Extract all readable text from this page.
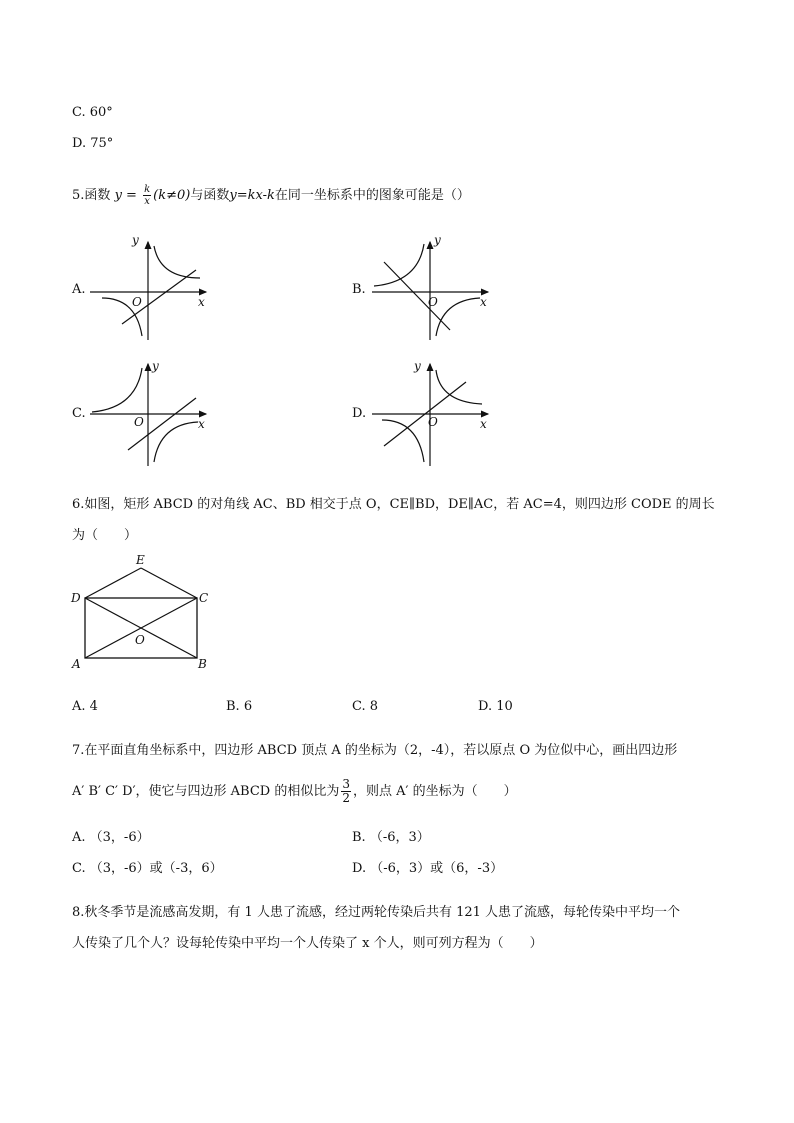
C. 60°
D. 75°
5.函数 $y = \frac{k}{x} (k\ne 0)$与函数y=kx-k在同一坐标系中的图象可能是（）
A.	B.
C.	D.
y
O	x
y
O	x
y
O	x
y
O	x
6.如图，矩形 ABCD 的对角线 AC、BD 相交于点 O，CE∥BD，DE∥AC，若 AC=4，则四边形 CODE 的周长
为（　　）
E
D	C
O
A	B
A. 4	B. 6	C. 8	D. 10
7.在平面直角坐标系中，四边形 ABCD 顶点 A 的坐标为（2，-4），若以原点 O 为位似中心，画出四边形
A′ B′ C′ D′，使它与四边形 ABCD 的相似比为 $\frac{3}{2}$ ，则点 A′ 的坐标为（　　）
A. （3，-6）	B. （-6，3）
C. （3，-6）或（-3，6）	D. （-6，3）或（6，-3）
8.秋冬季节是流感高发期，有 1 人患了流感，经过两轮传染后共有 121 人患了流感，每轮传染中平均一个
人传染了几个人？设每轮传染中平均一个人传染了 x 个人，则可列方程为（　　）
